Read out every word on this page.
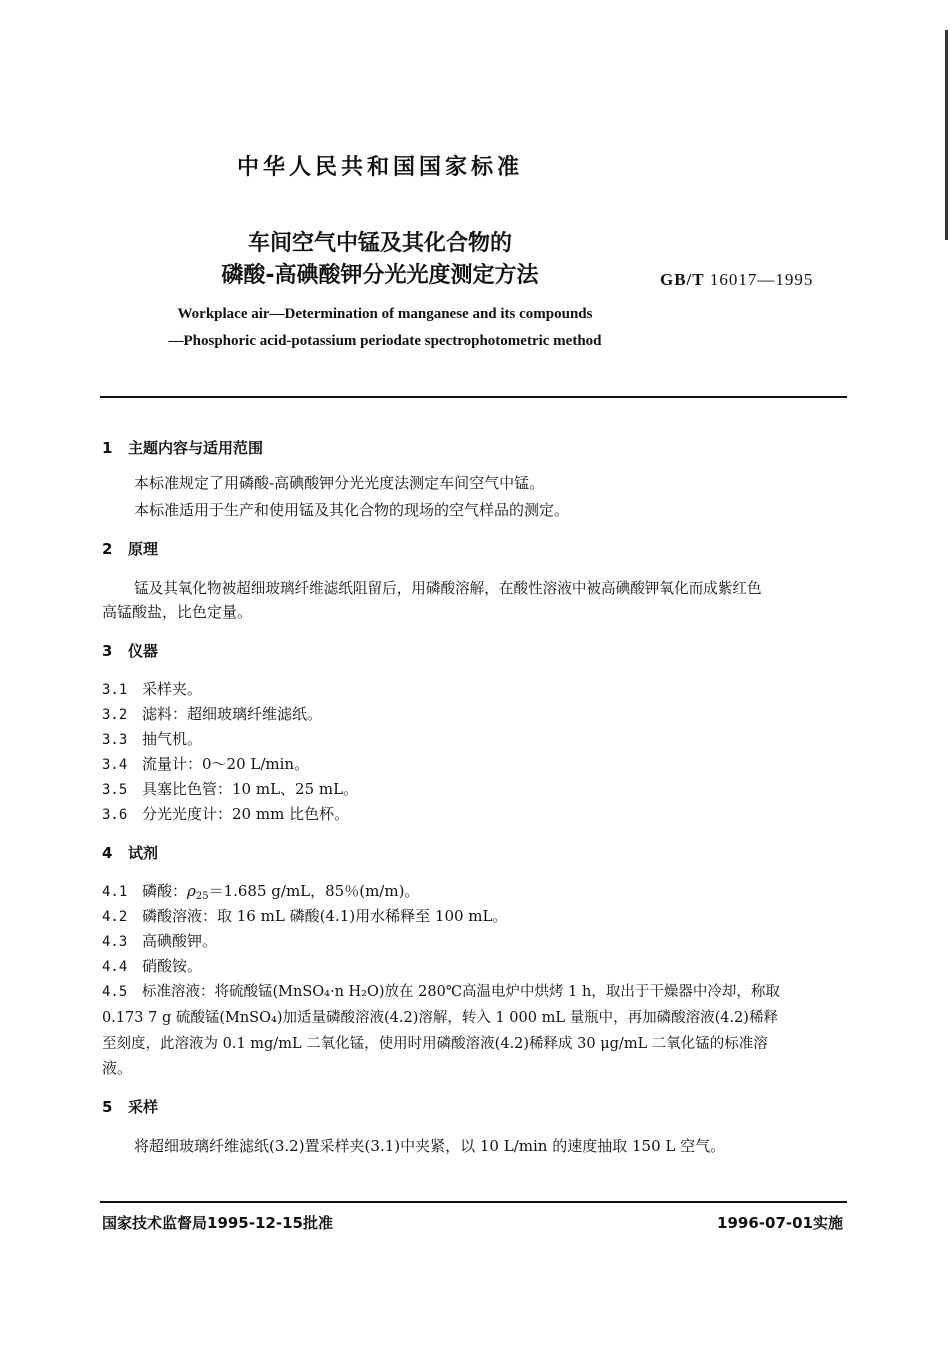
中华人民共和国国家标准
车间空气中锰及其化合物的
磷酸-高碘酸钾分光光度测定方法	GB/T 16017—1995
Workplace air—Determination of manganese and its compounds
—Phosphoric acid-potassium periodate spectrophotometric method
1 主题内容与适用范围
本标准规定了用磷酸-高碘酸钾分光光度法测定车间空气中锰。
本标准适用于生产和使用锰及其化合物的现场的空气样品的测定。
2 原理
锰及其氧化物被超细玻璃纤维滤纸阻留后，用磷酸溶解，在酸性溶液中被高碘酸钾氧化而成紫红色
高锰酸盐，比色定量。
3 仪器
3.1 采样夹。
3.2 滤料：超细玻璃纤维滤纸。
3.3 抽气机。
3.4 流量计：0～20 L/min。
3.5 具塞比色管：10 mL、25 mL。
3.6 分光光度计：20 mm 比色杯。
4 试剂
4.1 磷酸：$\rho_{25}=1.685$ g/mL，85％(m/m)。
4.2 磷酸溶液：取 16 mL 磷酸(4.1)用水稀释至 100 mL。
4.3 高碘酸钾。
4.4 硝酸铵。
4.5 标准溶液：将硫酸锰(MnSO₄·n H₂O)放在 280℃高温电炉中烘烤 1 h，取出于干燥器中冷却，称取
0.173 7 g 硫酸锰(MnSO₄)加适量磷酸溶液(4.2)溶解，转入 1 000 mL 量瓶中，再加磷酸溶液(4.2)稀释
至刻度，此溶液为 0.1 mg/mL 二氧化锰，使用时用磷酸溶液(4.2)稀释成 30 μg/mL 二氧化锰的标准溶
液。
5 采样
将超细玻璃纤维滤纸(3.2)置采样夹(3.1)中夹紧，以 10 L/min 的速度抽取 150 L 空气。
国家技术监督局1995-12-15批准	1996-07-01实施
